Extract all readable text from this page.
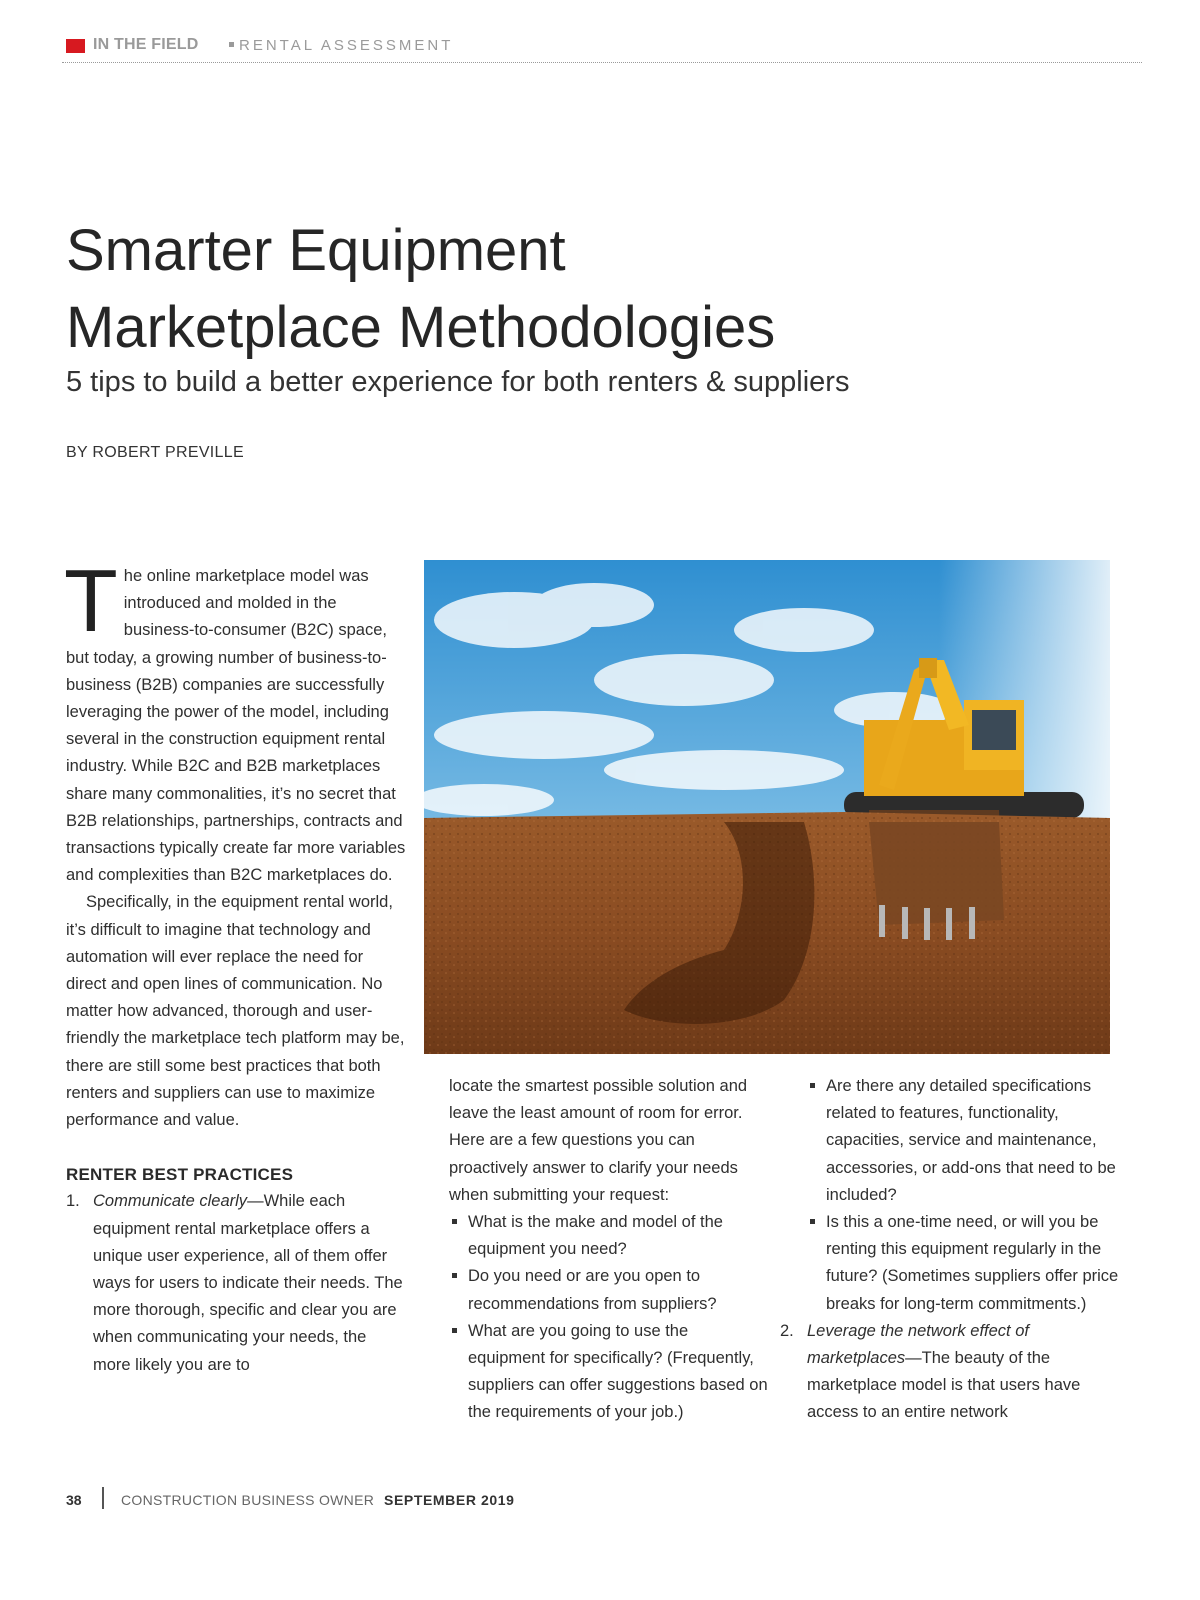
IN THE FIELD	RENTAL ASSESSMENT
Smarter Equipment
Marketplace Methodologies
5 tips to build a better experience for both renters & suppliers
BY ROBERT PREVILLE

The online marketplace model was introduced and molded in the business-to-consumer (B2C) space, but today, a growing number of business-to-business (B2B) companies are successfully leveraging the power of the model, including several in the construction equipment rental industry. While B2C and B2B marketplaces share many commonalities, it’s no secret that B2B relationships, partnerships, contracts and transactions typically create far more variables and complexities than B2C marketplaces do.

Specifically, in the equipment rental world, it’s difficult to imagine that technology and automation will ever replace the need for direct and open lines of communication. No matter how advanced, thorough and user-friendly the marketplace tech platform may be, there are still some best practices that both renters and suppliers can use to maximize performance and value.

RENTER BEST PRACTICES

1. Communicate clearly—While each equipment rental marketplace offers a unique user experience, all of them offer ways for users to indicate their needs. The more thorough, specific and clear you are when communicating your needs, the more likely you are to

locate the smartest possible solution and leave the least amount of room for error. Here are a few questions you can proactively answer to clarify your needs when submitting your request:

What is the make and model of the equipment you need?
Do you need or are you open to recommendations from suppliers?
What are you going to use the equipment for specifically? (Frequently, suppliers can offer suggestions based on the requirements of your job.)
Are there any detailed specifications related to features, functionality, capacities, service and maintenance, accessories, or add-ons that need to be included?
Is this a one-time need, or will you be renting this equipment regularly in the future? (Sometimes suppliers offer price breaks for long-term commitments.)
2. Leverage the network effect of marketplaces—The beauty of the marketplace model is that users have access to an entire network
38	CONSTRUCTION BUSINESS OWNER SEPTEMBER 2019
